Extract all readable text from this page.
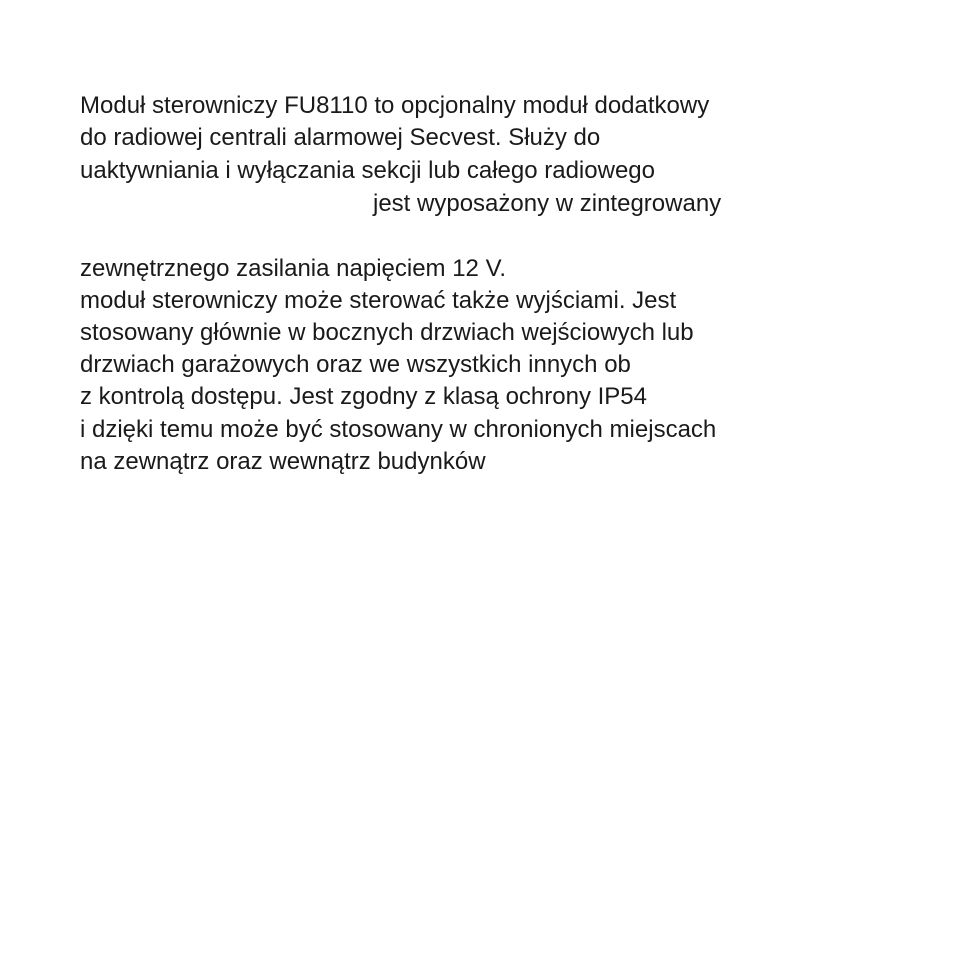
Moduł sterowniczy FU8110 to opcjonalny moduł dodatkowy

do radiowej centrali alarmowej Secvest. Służy do

uaktywniania i wyłączania sekcji lub całego radiowego

jest wyposażony w zintegrowany

zewnętrznego zasilania napięciem 12 V.

moduł sterowniczy może sterować także wyjściami. Jest

stosowany głównie w bocznych drzwiach wejściowych lub

drzwiach garażowych oraz we wszystkich innych ob

z kontrolą dostępu. Jest zgodny z klasą ochrony IP54

i dzięki temu może być stosowany w chronionych miejscach

na zewnątrz oraz wewnątrz budynków
